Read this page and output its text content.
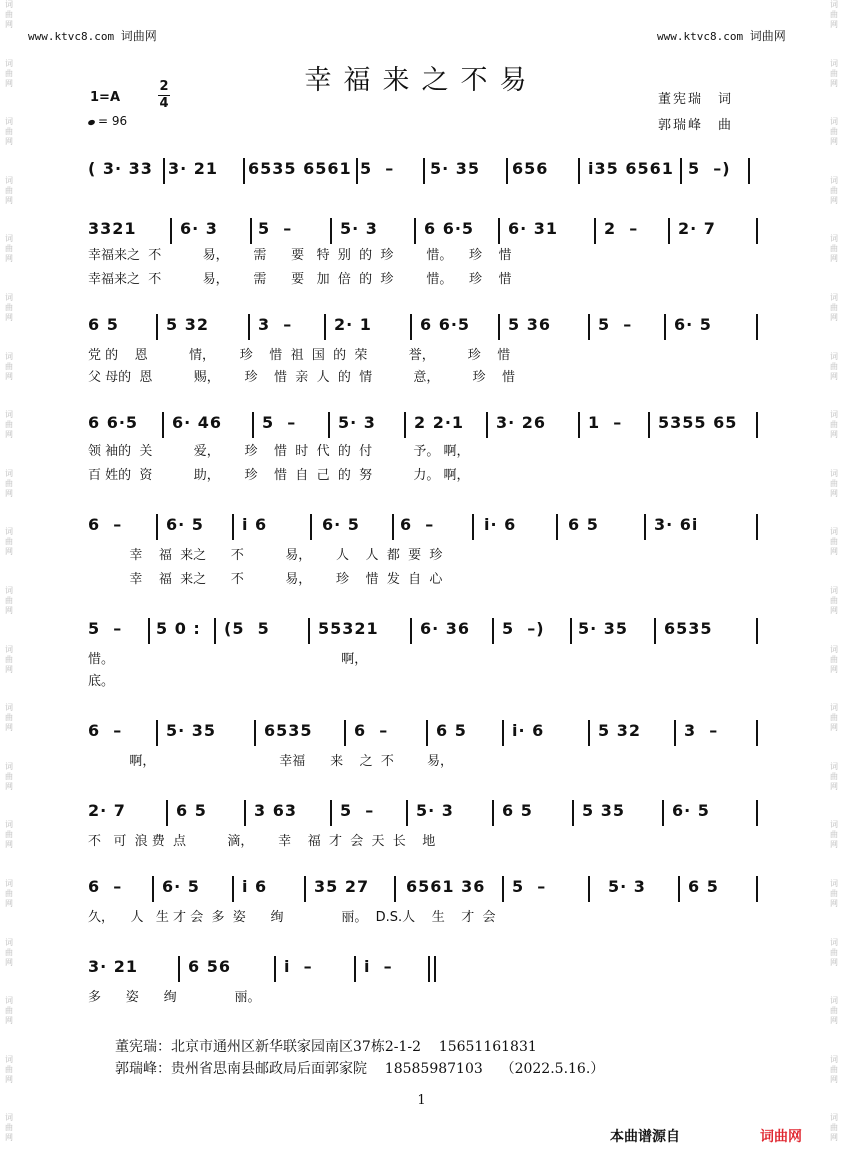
www.ktvc8.com 词曲网	www.ktvc8.com 词曲网
词
曲
网
词
曲
网
词
曲
网
词
曲
网
词
曲
网
词
曲
网
词
曲
网
词
曲
网
词
曲
网
词
曲
网
词
曲
网
词
曲
网
词
曲
网
词
曲
网
词
曲
网
词
曲
网
词
曲
网
词
曲
网
词
曲
网
词
曲
网
词
曲
网
词
曲
网
词
曲
网
词
曲
网
词
曲
网
词
曲
网
词
曲
网
词
曲
网
词
曲
网
词
曲
网
词
曲
网
词
曲
网
词
曲
网
词
曲
网
词
曲
网
词
曲
网
词
曲
网
词
曲
网
词
曲
网
词
曲
网
幸福来之不易
1=A
2
4
= 96
董宪瑞　词
郭瑞峰　曲
( 3· 33 3· 21 6535 6561 5  – 5· 35 656 i35 6561 5  –)
3321	6· 3	5  –	5· 3	6 6·5 6· 31	2  – 2· 7
6 5	5 32	3  –	2· 1	6 6·5 5 36	5  –	6· 5
6 6·5 6· 46 5  –	5· 3 2 2·1 3· 26	1  – 5355 65
6  –	6· 5 i 6	6· 5	6  –	i· 6	6 5	3· 6i
5  – 5 0 : (5  5	55321	6· 36 5  –) 5· 35 6535
6  –	5· 35	6535	6  –	6 5	i· 6	5 32	3  –
2· 7	6 5	3 63	5  –	5· 3	6 5	5 35	6· 5
6  – 6· 5	i 6	35 27 6561 36 5  –	5· 3	6 5
3· 21	6 56	i  –	i  –
幸福来之  不          易，      需      要   特  别  的  珍        惜。    珍    惜
幸福来之  不          易，      需      要   加  倍  的  珍        惜。    珍    惜
党 的    恩          情，      珍    惜  祖  国  的  荣          誉，        珍    惜
父 母的  恩          赐，      珍    惜  亲  人  的  情          意，        珍    惜
领 袖的  关          爱，      珍    惜  时  代  的  付          予。 啊，
百 姓的  资          助，      珍    惜  自  己  的  努          力。 啊，
幸    福  来之      不          易，      人    人  都  要  珍
幸    福  来之      不          易，      珍    惜  发  自  心
惜。                                                       啊，
底。
啊，                              幸福      来    之  不        易，
不   可  浪 费  点          滴，      幸    福  才  会  天  长    地
久，    人   生 才 会  多  姿      绚              丽。  D.S.人    生    才  会
多      姿      绚              丽。
董宪瑞：北京市通州区新华联家园南区37栋2-1-2    15651161831
郭瑞峰：贵州省思南县邮政局后面郭家院    18585987103    （2022.5.16.）
1
本曲谱源自	词曲网
